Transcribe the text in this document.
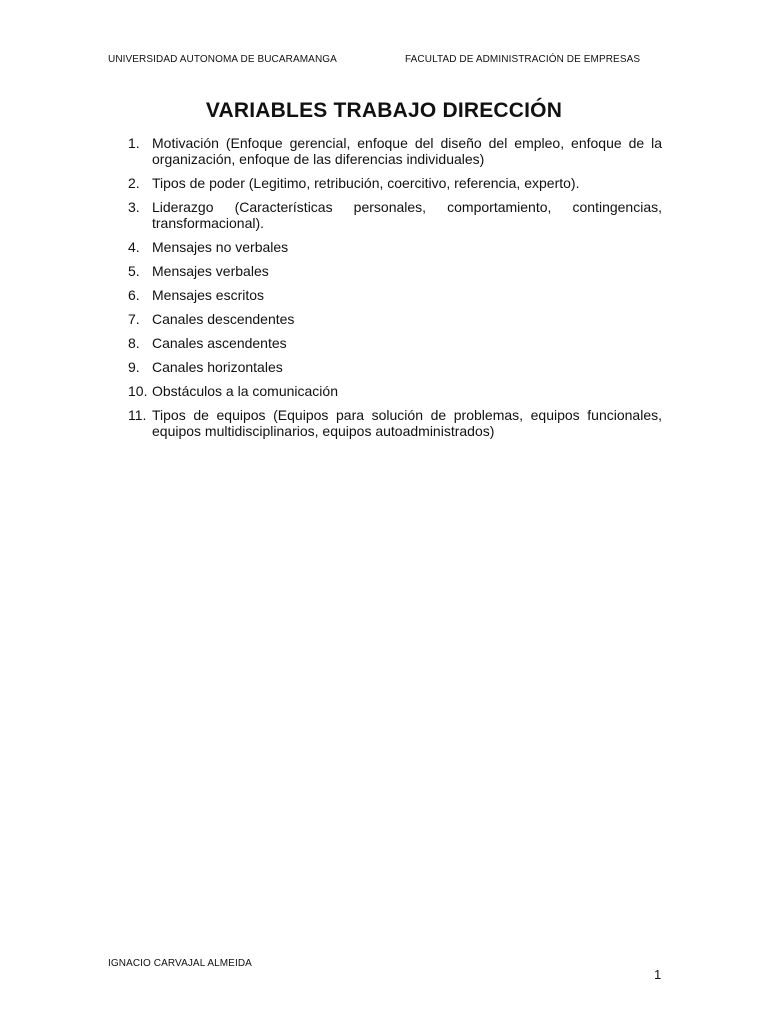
UNIVERSIDAD AUTONOMA DE BUCARAMANGA	FACULTAD DE ADMINISTRACIÓN DE EMPRESAS
VARIABLES TRABAJO DIRECCIÓN
1. Motivación (Enfoque gerencial, enfoque del diseño del empleo, enfoque de la organización, enfoque de las diferencias individuales)
2. Tipos de poder (Legitimo, retribución, coercitivo, referencia, experto).
3. Liderazgo (Características personales, comportamiento, contingencias, transformacional).
4. Mensajes no verbales
5. Mensajes verbales
6. Mensajes escritos
7. Canales descendentes
8. Canales ascendentes
9. Canales horizontales
10. Obstáculos a la comunicación
11. Tipos de equipos (Equipos para solución de problemas, equipos funcionales, equipos multidisciplinarios, equipos autoadministrados)
IGNACIO CARVAJAL ALMEIDA
1
